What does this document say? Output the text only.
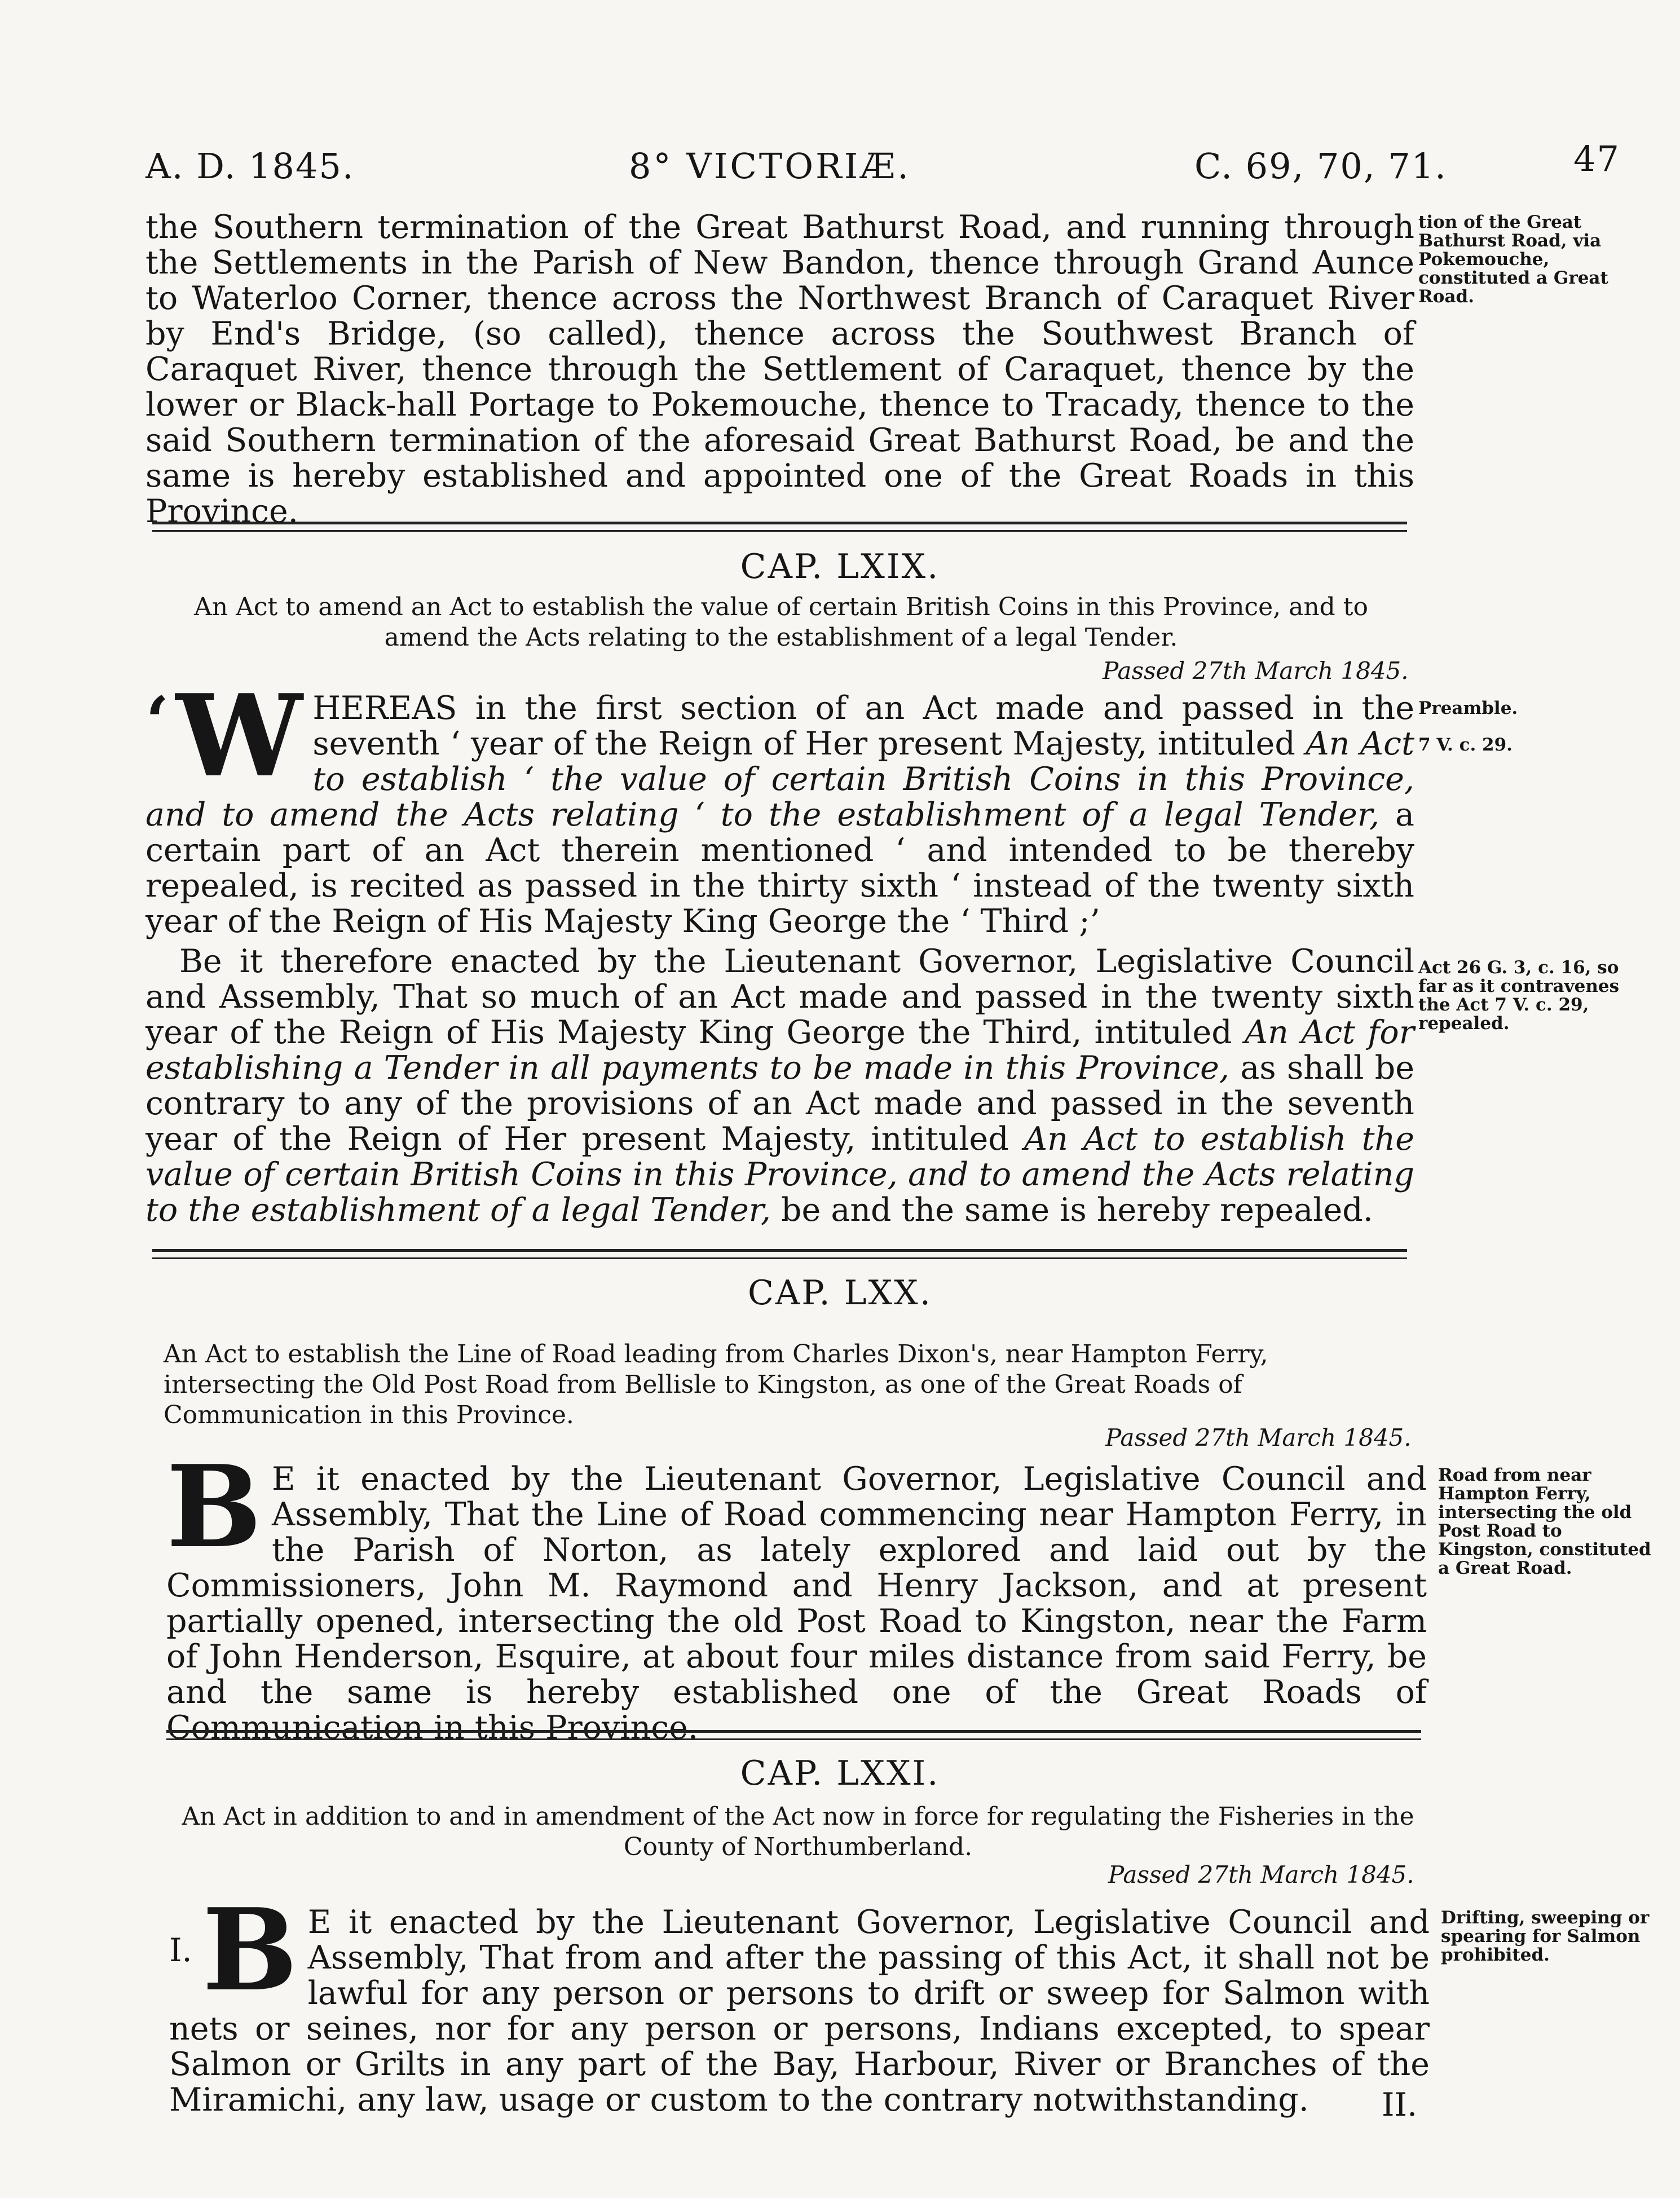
A. D. 1845.	8° VICTORIÆ.	C. 69, 70, 71.	47

the Southern termination of the Great Bathurst Road, and running through the Settlements in the Parish of New Bandon, thence through Grand Aunce to Waterloo Corner, thence across the Northwest Branch of Caraquet River by End's Bridge, (so called), thence across the Southwest Branch of Caraquet River, thence through the Settlement of Caraquet, thence by the lower or Black-hall Portage to Pokemouche, thence to Tracady, thence to the said Southern termination of the aforesaid Great Bathurst Road, be and the same is hereby established and appointed one of the Great Roads in this Province.

tion of the Great Bathurst Road, via Pokemouche, constituted a Great Road.
CAP. LXIX.
An Act to amend an Act to establish the value of certain British Coins in this Province, and to amend the Acts relating to the establishment of a legal Tender.
Passed 27th March 1845.

‘ W HEREAS in the first section of an Act made and passed in the seventh ‘ year of the Reign of Her present Majesty, intituled An Act to establish ‘ the value of certain British Coins in this Province, and to amend the Acts relating ‘ to the establishment of a legal Tender, a certain part of an Act therein mentioned ‘ and intended to be thereby repealed, is recited as passed in the thirty sixth ‘ instead of the twenty sixth year of the Reign of His Majesty King George the ‘ Third ;’

Be it therefore enacted by the Lieutenant Governor, Legislative Council and Assembly, That so much of an Act made and passed in the twenty sixth year of the Reign of His Majesty King George the Third, intituled An Act for establishing a Tender in all payments to be made in this Province, as shall be contrary to any of the provisions of an Act made and passed in the seventh year of the Reign of Her present Majesty, intituled An Act to establish the value of certain British Coins in this Province, and to amend the Acts relating to the establishment of a legal Tender, be and the same is hereby repealed.

Preamble.
7 V. c. 29.
Act 26 G. 3, c. 16, so far as it contravenes the Act 7 V. c. 29, repealed.
CAP. LXX.
An Act to establish the Line of Road leading from Charles Dixon's, near Hampton Ferry, intersecting the Old Post Road from Bellisle to Kingston, as one of the Great Roads of Communication in this Province.
Passed 27th March 1845.

B E it enacted by the Lieutenant Governor, Legislative Council and Assembly, That the Line of Road commencing near Hampton Ferry, in the Parish of Norton, as lately explored and laid out by the Commissioners, John M. Raymond and Henry Jackson, and at present partially opened, intersecting the old Post Road to Kingston, near the Farm of John Henderson, Esquire, at about four miles distance from said Ferry, be and the same is hereby established one of the Great Roads of Communication in this Province.

Road from near Hampton Ferry, intersecting the old Post Road to Kingston, constituted a Great Road.
CAP. LXXI.
An Act in addition to and in amendment of the Act now in force for regulating the Fisheries in the County of Northumberland.
Passed 27th March 1845.

I. B E it enacted by the Lieutenant Governor, Legislative Council and Assembly, That from and after the passing of this Act, it shall not be lawful for any person or persons to drift or sweep for Salmon with nets or seines, nor for any person or persons, Indians excepted, to spear Salmon or Grilts in any part of the Bay, Harbour, River or Branches of the Miramichi, any law, usage or custom to the contrary notwithstanding.

Drifting, sweeping or spearing for Salmon prohibited.
II.
